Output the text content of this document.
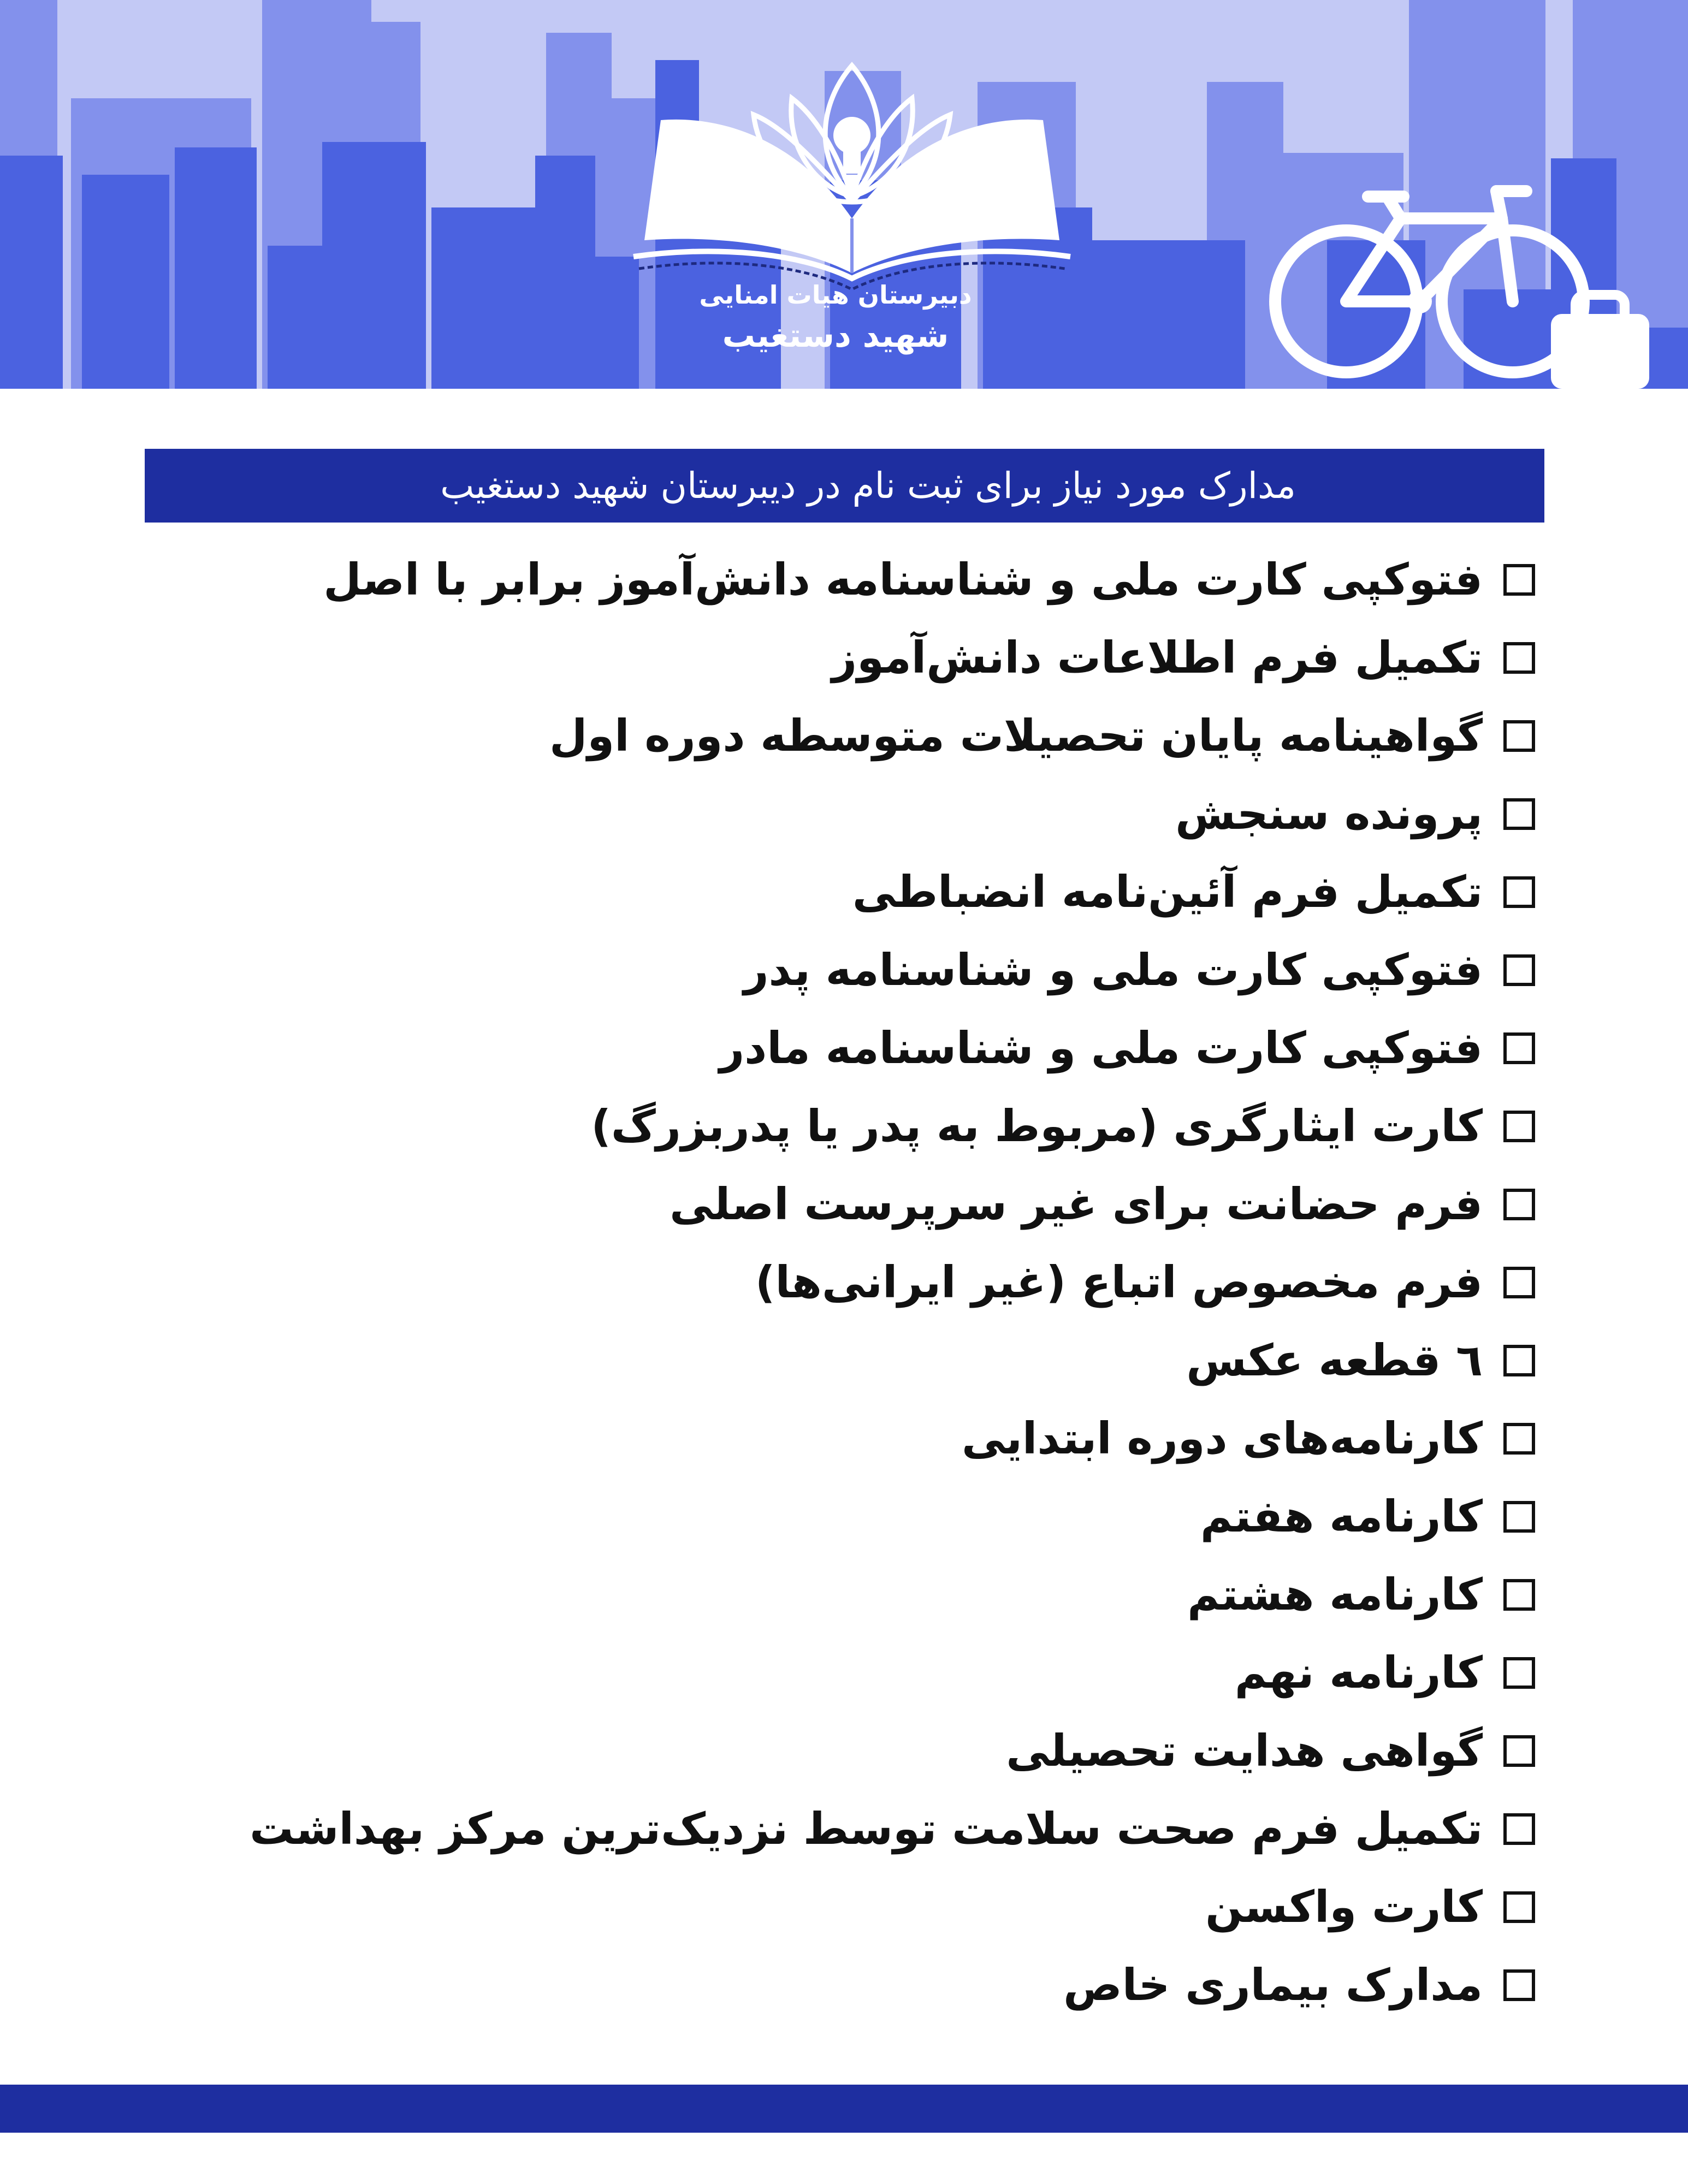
دبیرستان هیات امنایی
شهید دستغیب
مدارک مورد نیاز برای ثبت نام در دیبرستان شهید دستغیب
فتوکپی کارت ملی و شناسنامه دانش‌آموز برابر با اصل
تکمیل فرم اطلاعات دانش‌آموز
گواهینامه پایان تحصیلات متوسطه دوره اول
پرونده سنجش
تکمیل فرم آئین‌نامه انضباطی
فتوکپی کارت ملی و شناسنامه پدر
فتوکپی کارت ملی و شناسنامه مادر
کارت ایثارگری (مربوط به پدر یا پدربزرگ)
فرم حضانت برای غیر سرپرست اصلی
فرم مخصوص اتباع (غیر ایرانی‌ها)
٦ قطعه عکس
کارنامه‌های دوره ابتدایی
کارنامه هفتم
کارنامه هشتم
کارنامه نهم
گواهی هدایت تحصیلی
تکمیل فرم صحت سلامت توسط نزدیک‌ترین مرکز بهداشت
کارت واکسن
مدارک بیماری خاص
